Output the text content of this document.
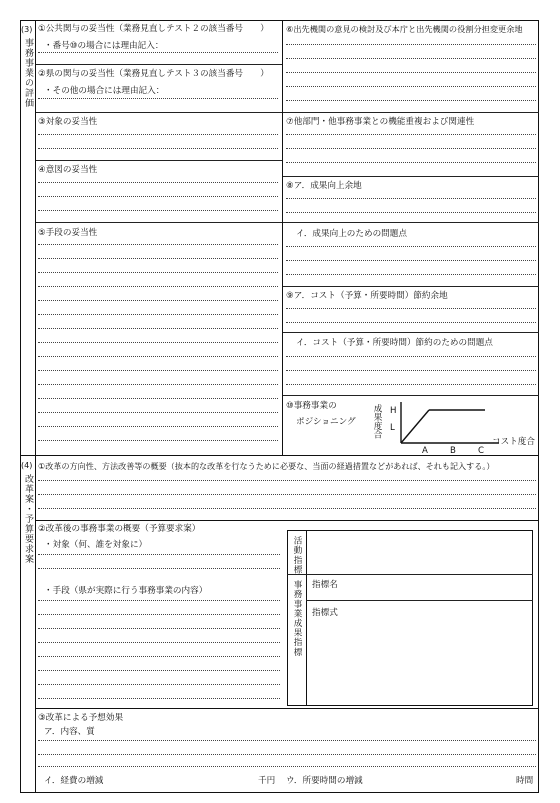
(3)
事務事業の評価
①公共関与の妥当性（業務見直しテスト２の該当番号　　）
・番号⑩の場合には理由記入：
②県の関与の妥当性（業務見直しテスト３の該当番号　　）
・その他の場合には理由記入：
③対象の妥当性
④意図の妥当性
⑤手段の妥当性
⑥出先機関の意見の検討及び本庁と出先機関の役割分担変更余地
⑦他部門・他事務事業との機能重複および関連性
⑧ア．成果向上余地
イ．成果向上のための問題点
⑨ア．コスト（予算・所要時間）節約余地
イ．コスト（予算・所要時間）節約のための問題点
⑩事務事業の
ポジショニング 成果度合 H
L
コスト度合
A	B	C
(4)
改革案・予算要求案
①改革の方向性、方法改善等の概要（抜本的な改革を行なうために必要な、当面の経過措置などがあれば、それも記入する。）
②改革後の事務事業の概要（予算要求案）
・対象（何、誰を対象に）
・手段（県が実際に行う事務事業の内容）
活動指標
事務事業成果指標 指標名
指標式
③改革による予想効果
ア．内容、質
イ．経費の増減	千円 ウ．所要時間の増減	時間
